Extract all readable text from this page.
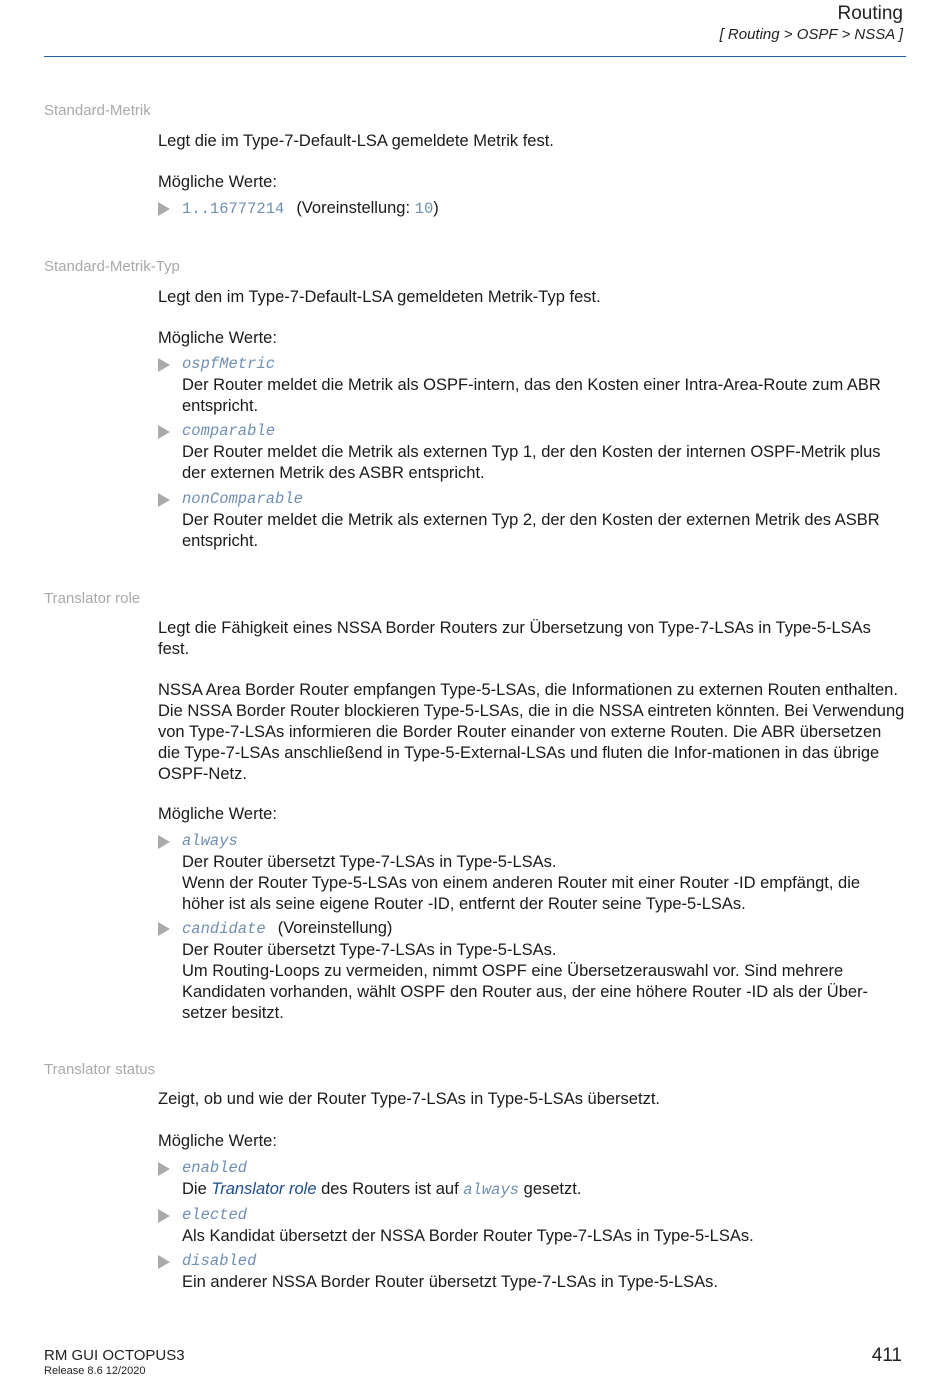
Routing
[ Routing > OSPF > NSSA ]
Standard-Metrik
Legt die im Type-7-Default-LSA gemeldete Metrik fest.
Mögliche Werte:
1..16777214 (Voreinstellung: 10)
Standard-Metrik-Typ
Legt den im Type-7-Default-LSA gemeldeten Metrik-Typ fest.
Mögliche Werte:
ospfMetric
Der Router meldet die Metrik als OSPF-intern, das den Kosten einer Intra-Area-Route zum ABR entspricht.
comparable
Der Router meldet die Metrik als externen Typ 1, der den Kosten der internen OSPF-Metrik plus der externen Metrik des ASBR entspricht.
nonComparable
Der Router meldet die Metrik als externen Typ 2, der den Kosten der externen Metrik des ASBR entspricht.
Translator role
Legt die Fähigkeit eines NSSA Border Routers zur Übersetzung von Type-7-LSAs in Type-5-LSAs fest.
NSSA Area Border Router empfangen Type-5-LSAs, die Informationen zu externen Routen enthalten. Die NSSA Border Router blockieren Type-5-LSAs, die in die NSSA eintreten könnten. Bei Verwendung von Type-7-LSAs informieren die Border Router einander von externe Routen. Die ABR übersetzen die Type-7-LSAs anschließend in Type-5-External-LSAs und fluten die Infor-mationen in das übrige OSPF-Netz.
Mögliche Werte:
always
Der Router übersetzt Type-7-LSAs in Type-5-LSAs.
Wenn der Router Type-5-LSAs von einem anderen Router mit einer Router -ID empfängt, die höher ist als seine eigene Router -ID, entfernt der Router seine Type-5-LSAs.
candidate (Voreinstellung)
Der Router übersetzt Type-7-LSAs in Type-5-LSAs.
Um Routing-Loops zu vermeiden, nimmt OSPF eine Übersetzerauswahl vor. Sind mehrere Kandidaten vorhanden, wählt OSPF den Router aus, der eine höhere Router -ID als der Über-setzer besitzt.
Translator status
Zeigt, ob und wie der Router Type-7-LSAs in Type-5-LSAs übersetzt.
Mögliche Werte:
enabled
Die Translator role des Routers ist auf always gesetzt.
elected
Als Kandidat übersetzt der NSSA Border Router Type-7-LSAs in Type-5-LSAs.
disabled
Ein anderer NSSA Border Router übersetzt Type-7-LSAs in Type-5-LSAs.
RM GUI OCTOPUS3
Release 8.6 12/2020
411
